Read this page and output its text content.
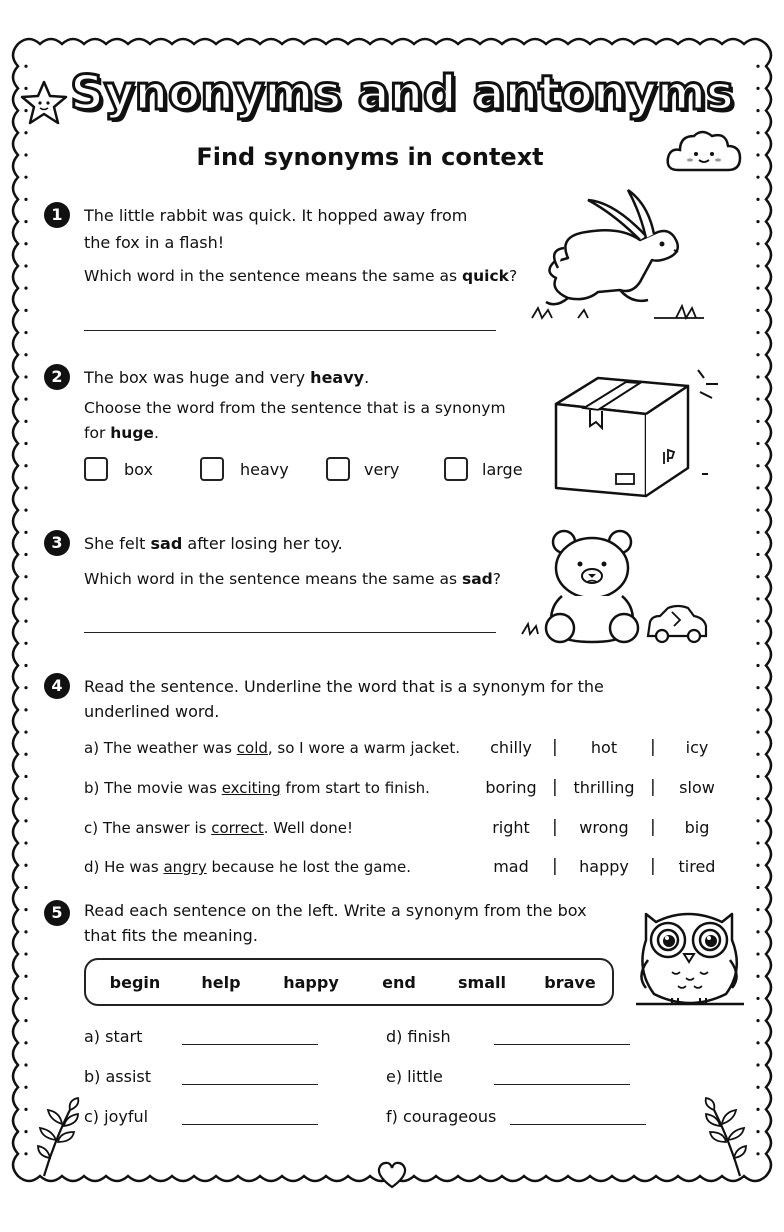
Synonyms and antonyms
Find synonyms in context
1	The little rabbit was quick. It hopped away from
the fox in a flash!
Which word in the sentence means the same as quick?
2	The box was huge and very heavy.
Choose the word from the sentence that is a synonym
for huge.
box	heavy	very	large
3	She felt sad after losing her toy.
Which word in the sentence means the same as sad?
4	Read the sentence. Underline the word that is a synonym for the
underlined word.
a) The weather was cold, so I wore a warm jacket.	chilly	|	hot	|	icy
b) The movie was exciting from start to finish.	boring | thrilling |	slow
c) The answer is correct. Well done!	right	|	wrong	|	big
d) He was angry because he lost the game.	mad	|	happy	|	tired
5	Read each sentence on the left. Write a synonym from the box
that fits the meaning.
begin	help	happy	end	small	brave
a) start
b) assist
c) joyful
d) finish
e) little
f) courageous
